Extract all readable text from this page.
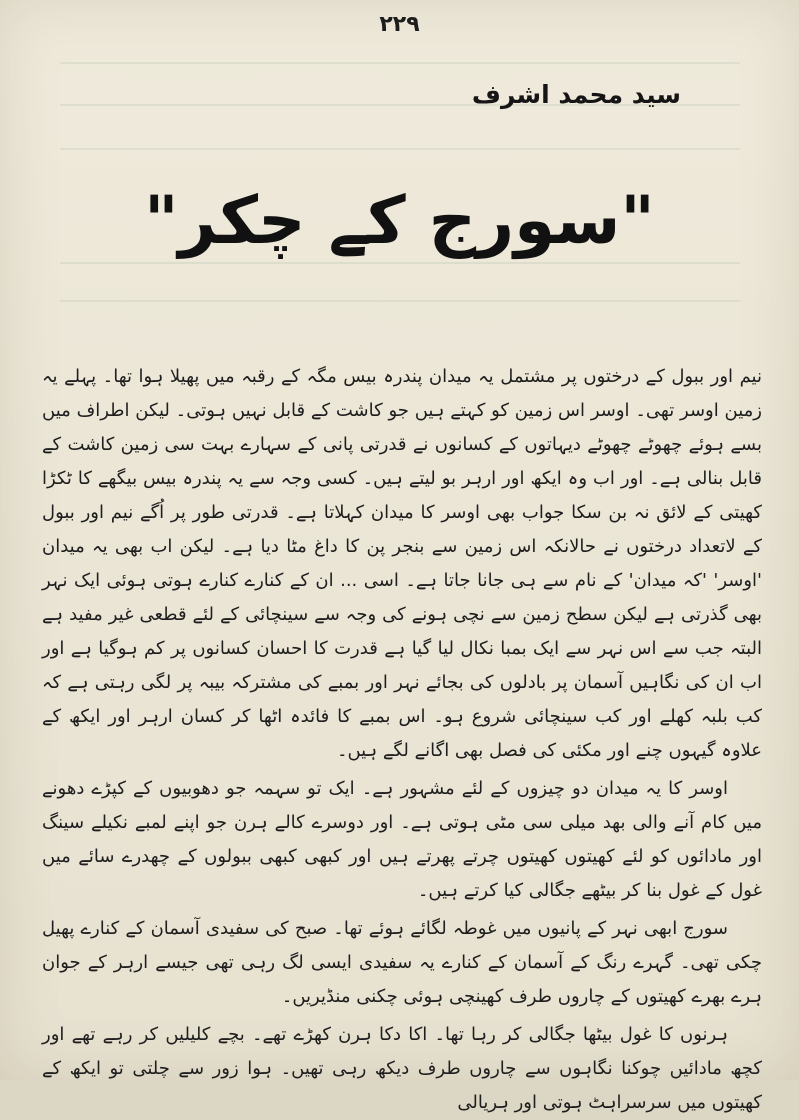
۲۲۹
سید محمد اشرف
"سورج کے چکر"

نیم اور ببول کے درختوں پر مشتمل یہ میدان پندرہ بیس مگہ کے رقبہ میں پھیلا ہوا تھا۔ پہلے یہ زمین اوسر تھی۔ اوسر اس زمین کو کہتے ہیں جو کاشت کے قابل نہیں ہوتی۔ لیکن اطراف میں بسے ہوئے چھوٹے چھوٹے دیہاتوں کے کسانوں نے قدرتی پانی کے سہارے بہت سی زمین کاشت کے قابل بنالی ہے۔ اور اب وہ ایکھ اور ارہر بو لیتے ہیں۔ کسی وجہ سے یہ پندرہ بیس بیگھے کا ٹکڑا کھیتی کے لائق نہ بن سکا جواب بھی اوسر کا میدان کہلاتا ہے۔ قدرتی طور پر اُگے نیم اور ببول کے لاتعداد درختوں نے حالانکہ اس زمین سے بنجر پن کا داغ مٹا دیا ہے۔ لیکن اب بھی یہ میدان 'اوسر' 'کہ میدان' کے نام سے ہی جانا جاتا ہے۔ اسی ... ان کے کنارے کنارے ہوتی ہوئی ایک نہر بھی گذرتی ہے لیکن سطح زمین سے نچی ہونے کی وجہ سے سینچائی کے لئے قطعی غیر مفید ہے البتہ جب سے اس نہر سے ایک بمبا نکال لیا گیا ہے قدرت کا احسان کسانوں پر کم ہوگیا ہے اور اب ان کی نگاہیں آسمان پر بادلوں کی بجائے نہر اور بمبے کی مشترکہ بیبہ پر لگی رہتی ہے کہ کب بلبہ کھلے اور کب سینچائی شروع ہو۔ اس بمبے کا فائدہ اٹھا کر کسان ارہر اور ایکھ کے علاوہ گیہوں چنے اور مکئی کی فصل بھی اگانے لگے ہیں۔

اوسر کا یہ میدان دو چیزوں کے لئے مشہور ہے۔ ایک تو سہمہ جو دھوبیوں کے کپڑے دھونے میں کام آنے والی بھد میلی سی مٹی ہوتی ہے۔ اور دوسرے کالے ہرن جو اپنے لمبے نکیلے سینگ اور مادائوں کو لئے کھیتوں کھیتوں چرتے پھرتے ہیں اور کبھی کبھی ببولوں کے چھدرے سائے میں غول کے غول بنا کر بیٹھے جگالی کیا کرتے ہیں۔

سورج ابھی نہر کے پانیوں میں غوطہ لگائے ہوئے تھا۔ صبح کی سفیدی آسمان کے کنارے پھیل چکی تھی۔ گہرے رنگ کے آسمان کے کنارے یہ سفیدی ایسی لگ رہی تھی جیسے ارہر کے جوان ہرے بھرے کھیتوں کے چاروں طرف کھینچی ہوئی چکنی منڈیریں۔

ہرنوں کا غول بیٹھا جگالی کر رہا تھا۔ اکا دکا ہرن کھڑے تھے۔ بچے کلیلیں کر رہے تھے اور کچھ مادائیں چوکنا نگاہوں سے چاروں طرف دیکھ رہی تھیں۔ ہوا زور سے چلتی تو ایکھ کے کھیتوں میں سرسراہٹ ہوتی اور ہریالی
